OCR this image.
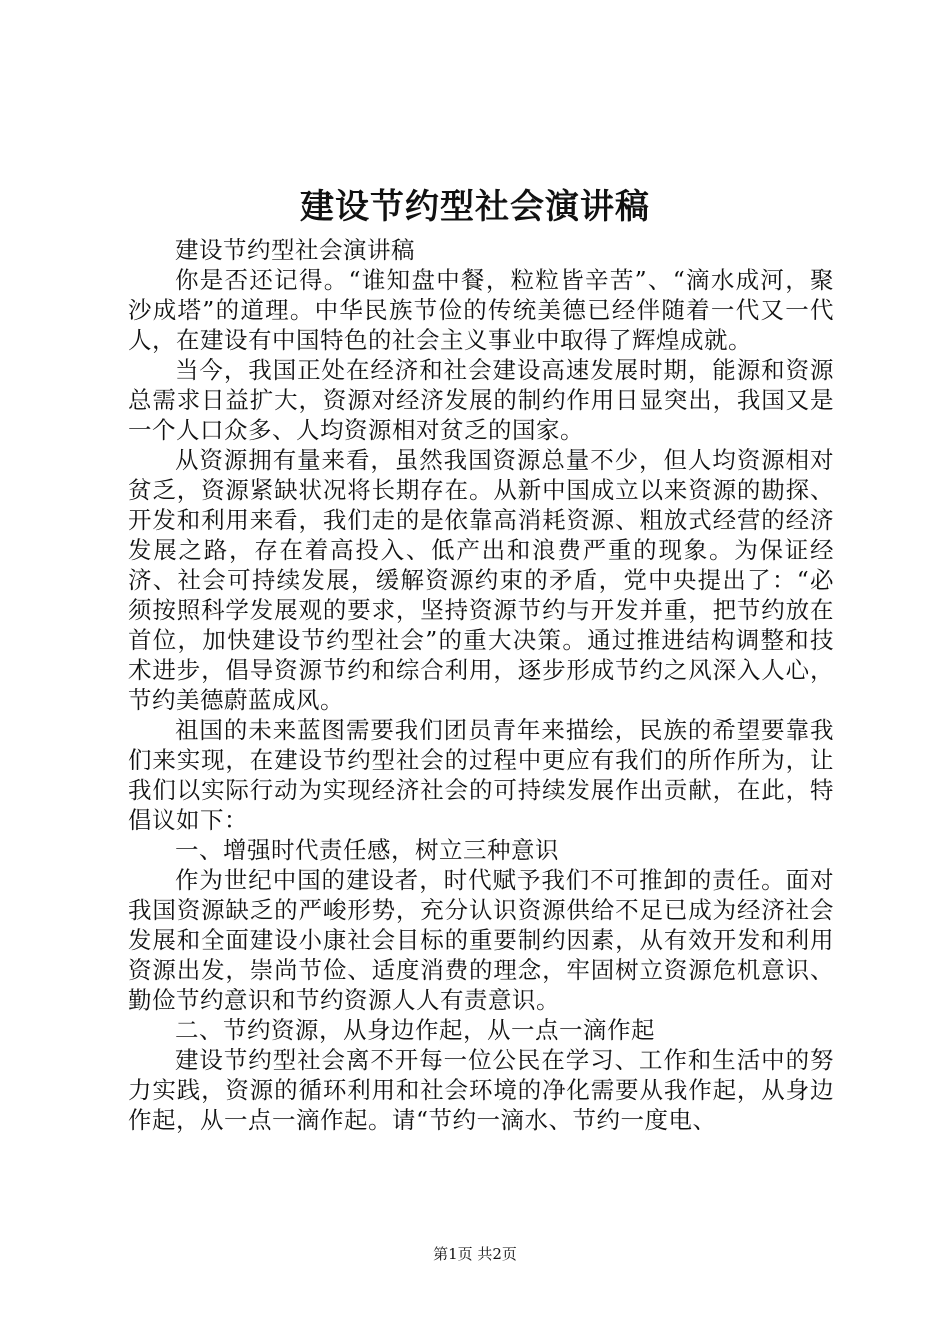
建设节约型社会演讲稿

建设节约型社会演讲稿

你是否还记得。“谁知盘中餐，粒粒皆辛苦”、“滴水成河，聚沙成塔”的道理。中华民族节俭的传统美德已经伴随着一代又一代人，在建设有中国特色的社会主义事业中取得了辉煌成就。

当今，我国正处在经济和社会建设高速发展时期，能源和资源总需求日益扩大，资源对经济发展的制约作用日显突出，我国又是一个人口众多、人均资源相对贫乏的国家。

从资源拥有量来看，虽然我国资源总量不少，但人均资源相对贫乏，资源紧缺状况将长期存在。从新中国成立以来资源的勘探、开发和利用来看，我们走的是依靠高消耗资源、粗放式经营的经济发展之路，存在着高投入、低产出和浪费严重的现象。为保证经济、社会可持续发展，缓解资源约束的矛盾，党中央提出了：“必须按照科学发展观的要求，坚持资源节约与开发并重，把节约放在首位，加快建设节约型社会”的重大决策。通过推进结构调整和技术进步，倡导资源节约和综合利用，逐步形成节约之风深入人心，节约美德蔚蓝成风。

祖国的未来蓝图需要我们团员青年来描绘，民族的希望要靠我们来实现，在建设节约型社会的过程中更应有我们的所作所为，让我们以实际行动为实现经济社会的可持续发展作出贡献，在此，特倡议如下：

一、增强时代责任感，树立三种意识

作为世纪中国的建设者，时代赋予我们不可推卸的责任。面对我国资源缺乏的严峻形势，充分认识资源供给不足已成为经济社会发展和全面建设小康社会目标的重要制约因素，从有效开发和利用资源出发，崇尚节俭、适度消费的理念，牢固树立资源危机意识、勤俭节约意识和节约资源人人有责意识。

二、节约资源，从身边作起，从一点一滴作起

建设节约型社会离不开每一位公民在学习、工作和生活中的努力实践，资源的循环利用和社会环境的净化需要从我作起，从身边作起，从一点一滴作起。请“节约一滴水、节约一度电、

第1页 共2页
